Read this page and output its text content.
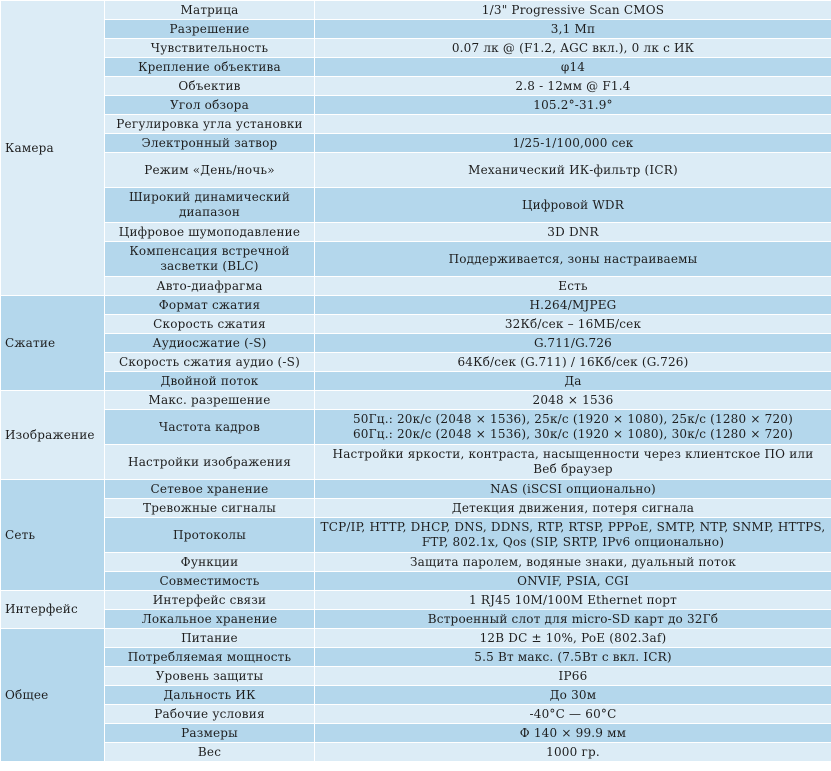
Камера	Матрица	1/3" Progressive Scan CMOS
	Разрешение	3,1 Мп
	Чувствительность	0.07 лк @ (F1.2, AGC вкл.), 0 лк с ИК
	Крепление объектива	φ14
	Объектив	2.8 - 12мм @ F1.4
	Угол обзора	105.2°-31.9°
	Регулировка угла установки	
	Электронный затвор	1/25-1/100,000 сек
	Режим «День/ночь»	Механический ИК-фильтр (ICR)
	Широкий динамический диапазон	Цифровой WDR
	Цифровое шумоподавление	3D DNR
	Компенсация встречной засветки (BLC)	Поддерживается, зоны настраиваемы
	Авто-диафрагма	Есть
Сжатие	Формат сжатия	H.264/MJPEG
	Скорость сжатия	32Кб/сек – 16МБ/сек
	Аудиосжатие (-S)	G.711/G.726
	Скорость сжатия аудио (-S)	64Кб/сек (G.711) / 16Кб/сек (G.726)
	Двойной поток	Да
Изображение	Макс. разрешение	2048 × 1536
	Частота кадров	50Гц.: 20к/с (2048 × 1536), 25к/с (1920 × 1080), 25к/с (1280 × 720)
60Гц.: 20к/с (2048 × 1536), 30к/с (1920 × 1080), 30к/с (1280 × 720)
	Настройки изображения	Настройки яркости, контраста, насыщенности через клиентское ПО или Веб браузер
Сеть	Сетевое хранение	NAS (iSCSI опционально)
	Тревожные сигналы	Детекция движения, потеря сигнала
	Протоколы	TCP/IP, HTTP, DHCP, DNS, DDNS, RTP, RTSP, PPPoE, SMTP, NTP, SNMP, HTTPS, FTP, 802.1x, Qos (SIP, SRTP, IPv6 опционально)
	Функции	Защита паролем, водяные знаки, дуальный поток
	Совместимость	ONVIF, PSIA, CGI
Интерфейс	Интерфейс связи	1 RJ45 10M/100M Ethernet порт
	Локальное хранение	Встроенный слот для micro-SD карт до 32Гб
Общее	Питание	12В DC ± 10%, PoE (802.3af)
	Потребляемая мощность	5.5 Вт макс. (7.5Вт с вкл. ICR)
	Уровень защиты	IP66
	Дальность ИК	До 30м
	Рабочие условия	-40°C — 60°C
	Размеры	Φ 140 × 99.9 мм
	Вес	1000 гр.
